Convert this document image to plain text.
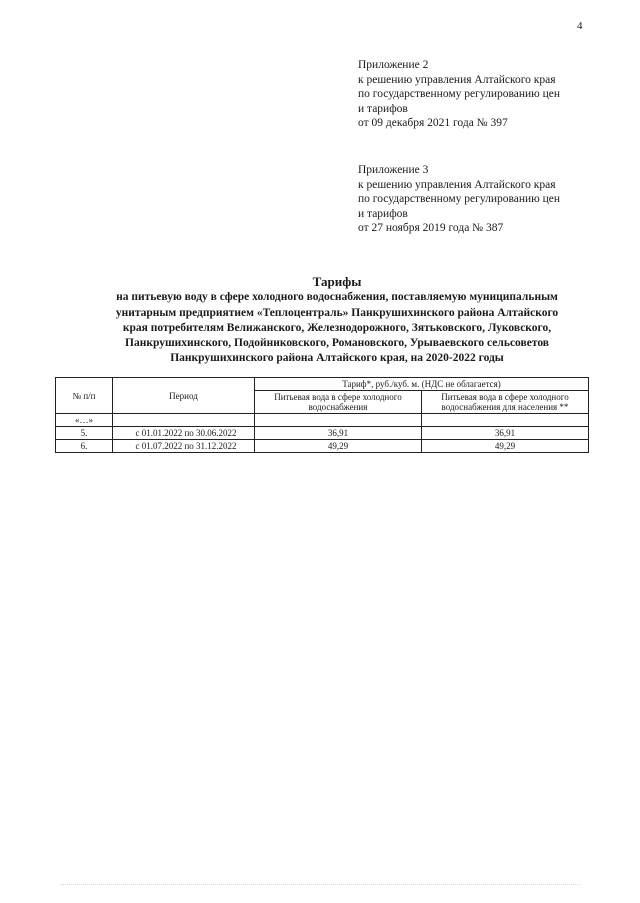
4
Приложение 2
к решению управления Алтайского края
по государственному регулированию цен
и тарифов
от 09 декабря 2021 года № 397
Приложение 3
к решению управления Алтайского края
по государственному регулированию цен
и тарифов
от 27 ноября 2019 года № 387
Тарифы
на питьевую воду в сфере холодного водоснабжения, поставляемую муниципальным
унитарным предприятием «Теплоцентраль» Панкрушихинского района Алтайского
края потребителям Велижанского, Железнодорожного, Зятьковского, Луковского,
Панкрушихинского, Подойниковского, Романовского, Урываевского сельсоветов
Панкрушихинского района Алтайского края, на 2020-2022 годы
№ п/п	Период	Тариф*, руб./куб. м. (НДС не облагается)	
		Питьевая вода в сфере холодного водоснабжения	Питьевая вода в сфере холодного водоснабжения для населения **
«…»			
5.	с 01.01.2022 по 30.06.2022	36,91	36,91
6.	с 01.07.2022 по 31.12.2022	49,29	49,29
